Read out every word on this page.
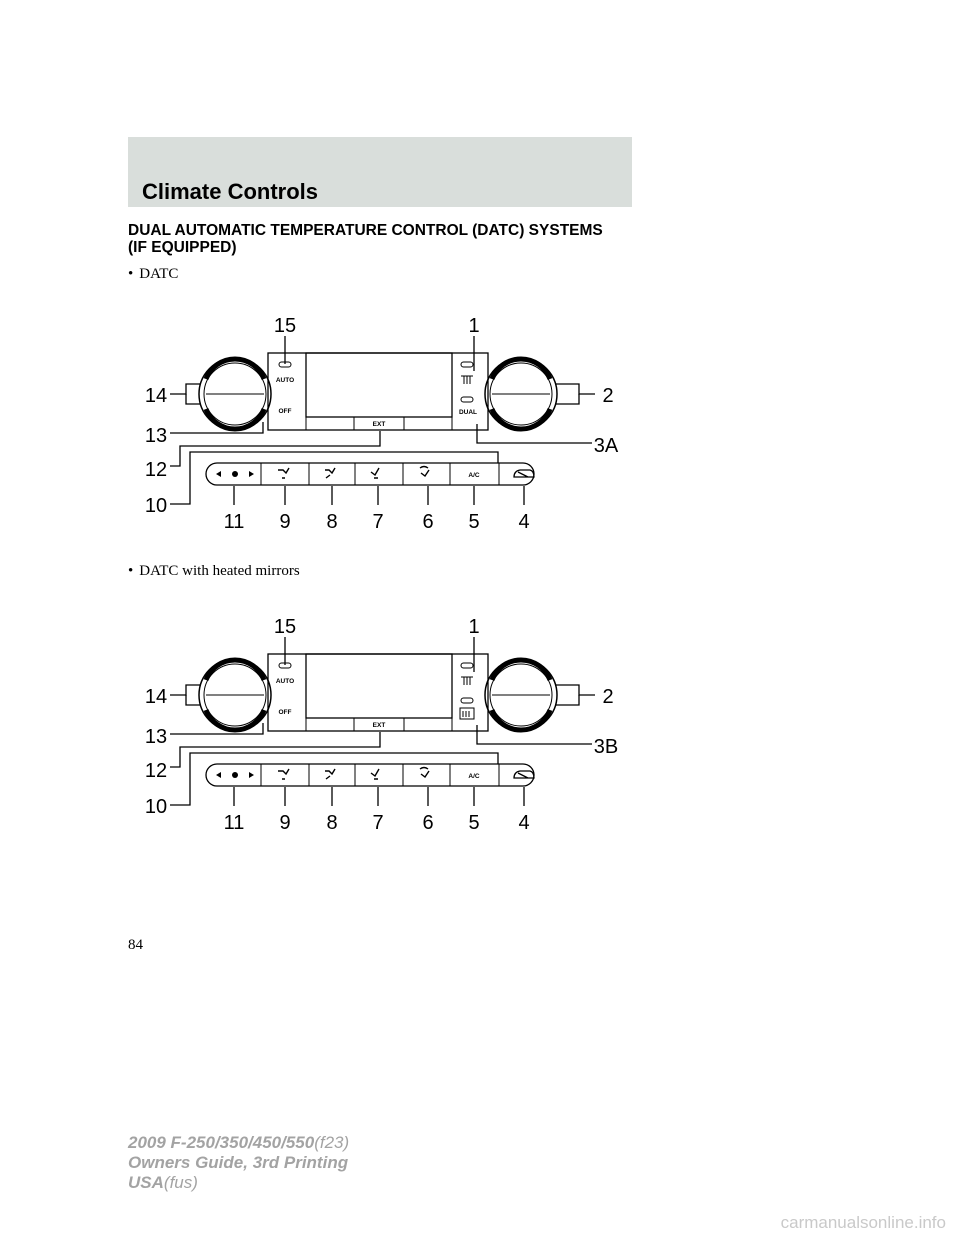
Climate Controls
DUAL AUTOMATIC TEMPERATURE CONTROL (DATC) SYSTEMS
(IF EQUIPPED)
• DATC
AUTO
OFF
EXT
DUAL
A/C
15	1
14	2
13	3A
12
10
11 9 8 7 6 5 4
• DATC with heated mirrors
AUTO
OFF
EXT
A/C
15	1
14	2
13	3B
12
10
11 9 8 7 6 5 4
84
2009 F-250/350/450/550(f23)
Owners Guide, 3rd Printing
USA(fus)
carmanualsonline.info
